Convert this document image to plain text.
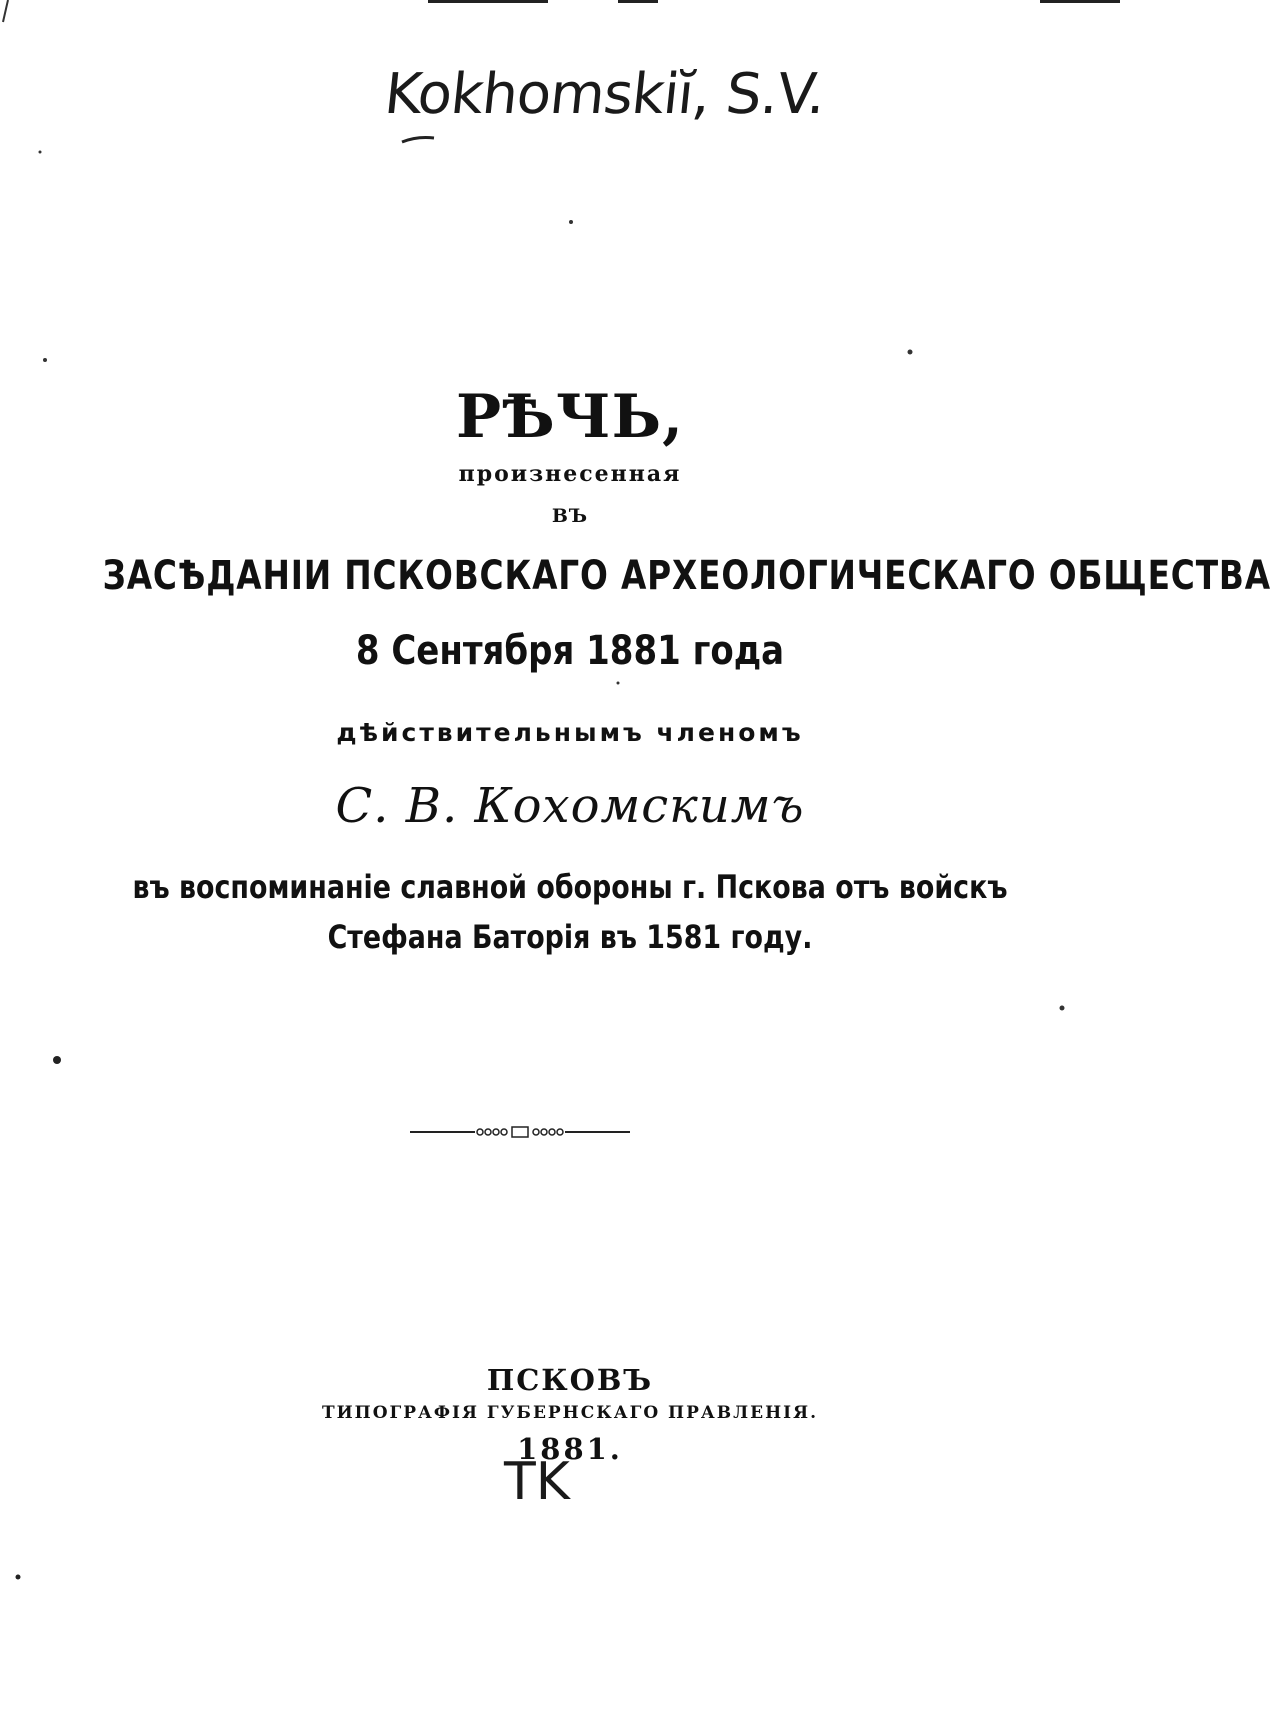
Kokhomskiĭ, S.V.
РѢЧЬ,
произнесенная
ВЪ
ЗАСѢДАНІИ ПСКОВСКАГО АРХЕОЛОГИЧЕСКАГО ОБЩЕСТВА
8 Сентября 1881 года
дѣйствительнымъ членомъ
С. В. Кохомскимъ
въ воспоминаніе славной обороны г. Пскова отъ войскъ
Стефана Баторія въ 1581 году.
ПСКОВЪ
ТИПОГРАФІЯ ГУБЕРНСКАГО ПРАВЛЕНІЯ.
1881.
TK
